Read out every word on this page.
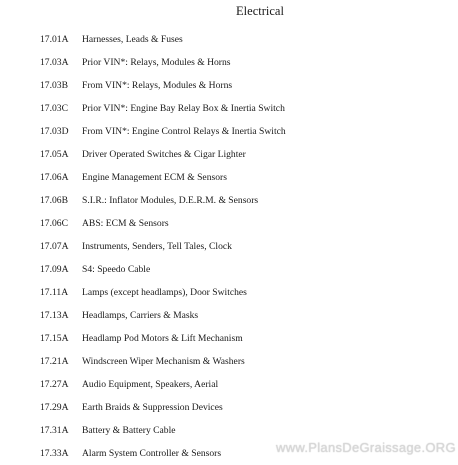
Electrical
17.01A	Harnesses, Leads & Fuses
17.03A	Prior VIN*: Relays, Modules & Horns
17.03B	From VIN*: Relays, Modules & Horns
17.03C	Prior VIN*: Engine Bay Relay Box & Inertia Switch
17.03D	From VIN*: Engine Control Relays & Inertia Switch
17.05A	Driver Operated Switches & Cigar Lighter
17.06A	Engine Management ECM & Sensors
17.06B	S.I.R.: Inflator Modules, D.E.R.M. & Sensors
17.06C	ABS: ECM & Sensors
17.07A	Instruments, Senders, Tell Tales, Clock
17.09A	S4: Speedo Cable
17.11A	Lamps (except headlamps), Door Switches
17.13A	Headlamps, Carriers & Masks
17.15A	Headlamp Pod Motors & Lift Mechanism
17.21A	Windscreen Wiper Mechanism & Washers
17.27A	Audio Equipment, Speakers, Aerial
17.29A	Earth Braids & Suppression Devices
17.31A	Battery & Battery Cable
17.33A	Alarm System Controller & Sensors	www.PlansDeGraissage.ORG
